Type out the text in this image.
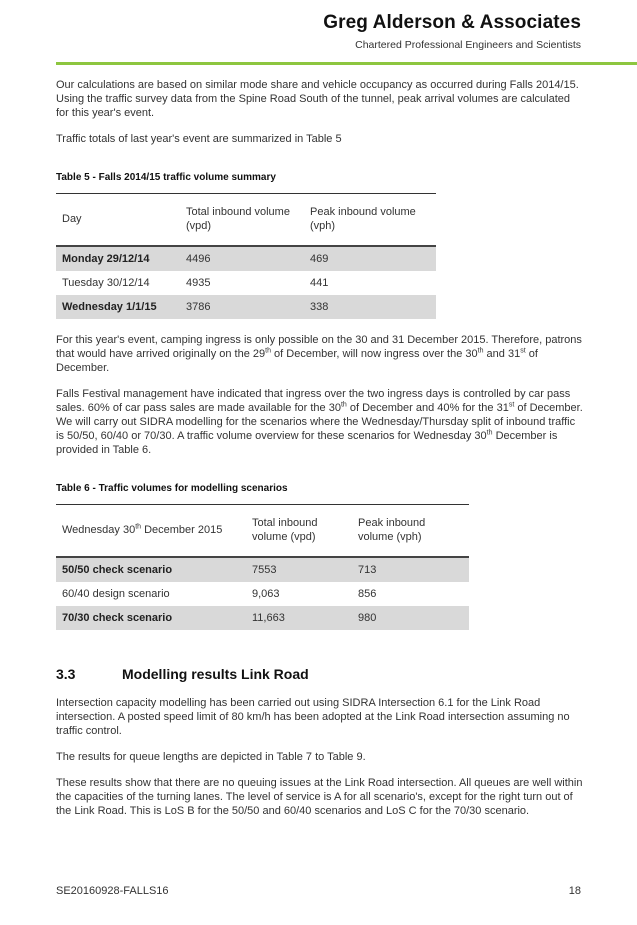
Greg Alderson & Associates
Chartered Professional Engineers and Scientists

Our calculations are based on similar mode share and vehicle occupancy as occurred during Falls 2014/15. Using the traffic survey data from the Spine Road South of the tunnel, peak arrival volumes are calculated for this year's event.

Traffic totals of last year's event are summarized in Table 5

Table 5 - Falls 2014/15 traffic volume summary
Day	Total inbound volume (vpd)	Peak inbound volume (vph)
Monday 29/12/14	4496	469
Tuesday 30/12/14	4935	441
Wednesday 1/1/15	3786	338

For this year's event, camping ingress is only possible on the 30 and 31 December 2015. Therefore, patrons that would have arrived originally on the 29th of December, will now ingress over the 30th and 31st of December.

Falls Festival management have indicated that ingress over the two ingress days is controlled by car pass sales. 60% of car pass sales are made available for the 30th of December and 40% for the 31st of December. We will carry out SIDRA modelling for the scenarios where the Wednesday/Thursday split of inbound traffic is 50/50, 60/40 or 70/30. A traffic volume overview for these scenarios for Wednesday 30th December is provided in Table 6.

Table 6 - Traffic volumes for modelling scenarios
Wednesday 30th December 2015	Total inbound volume (vpd)	Peak inbound volume (vph)
50/50 check scenario	7553	713
60/40 design scenario	9,063	856
70/30 check scenario	11,663	980
3.3	Modelling results Link Road

Intersection capacity modelling has been carried out using SIDRA Intersection 6.1 for the Link Road intersection. A posted speed limit of 80 km/h has been adopted at the Link Road intersection assuming no traffic control.

The results for queue lengths are depicted in Table 7 to Table 9.

These results show that there are no queuing issues at the Link Road intersection. All queues are well within the capacities of the turning lanes. The level of service is A for all scenario's, except for the right turn out of the Link Road. This is LoS B for the 50/50 and 60/40 scenarios and LoS C for the 70/30 scenario.

SE20160928-FALLS16	18
